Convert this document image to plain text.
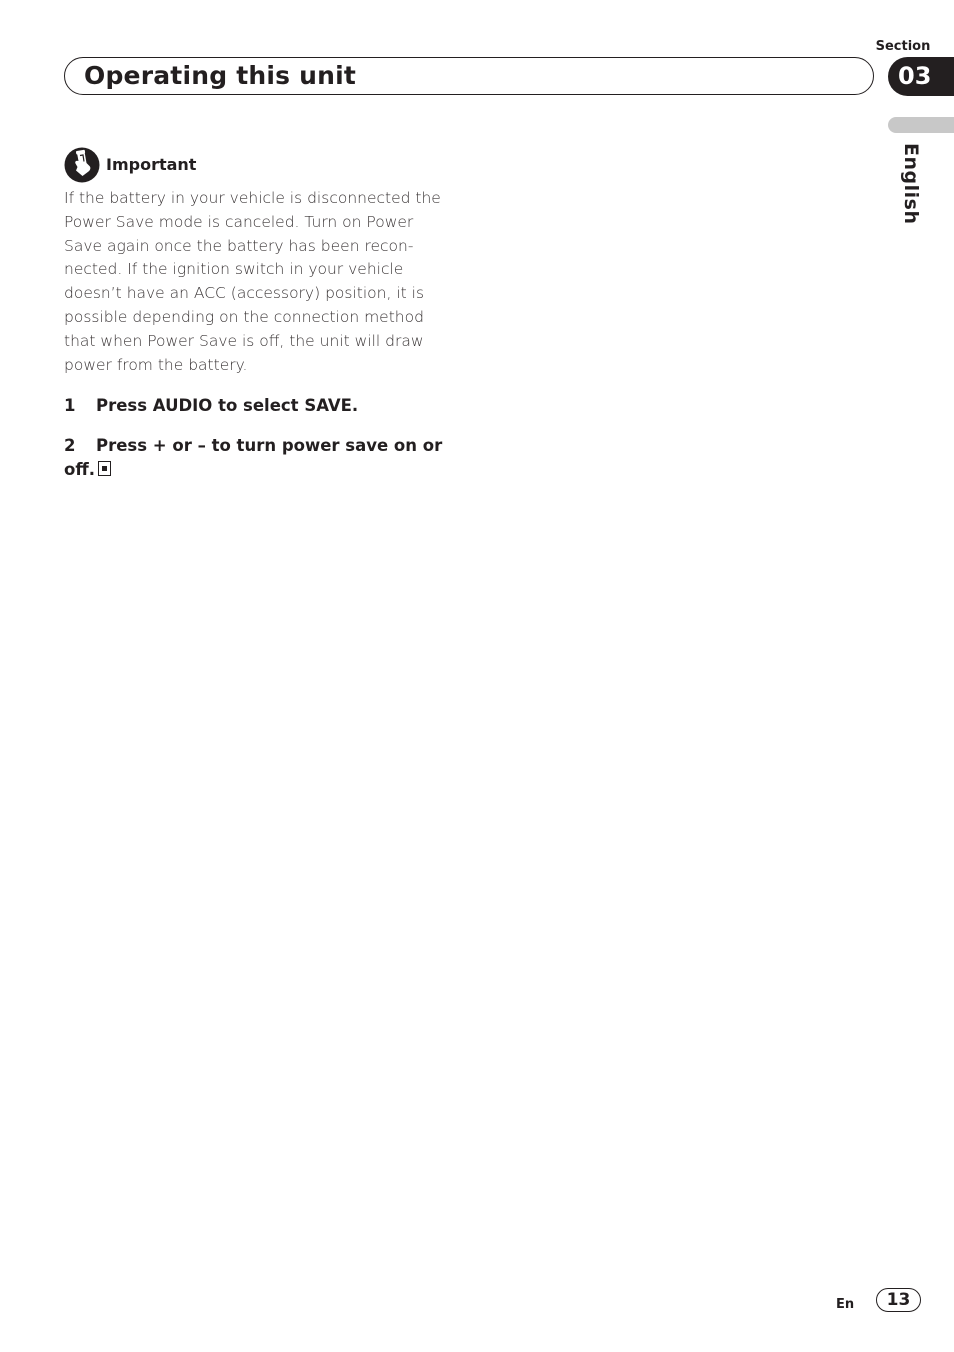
Section
Operating this unit	03
English
Important
If the battery in your vehicle is disconnected the
Power Save mode is canceled. Turn on Power
Save again once the battery has been recon-
nected. If the ignition switch in your vehicle
doesn’t have an ACC (accessory) position, it is
possible depending on the connection method
that when Power Save is off, the unit will draw
power from the battery.
1 Press AUDIO to select SAVE.
2 Press + or – to turn power save on or
off.
En	13
